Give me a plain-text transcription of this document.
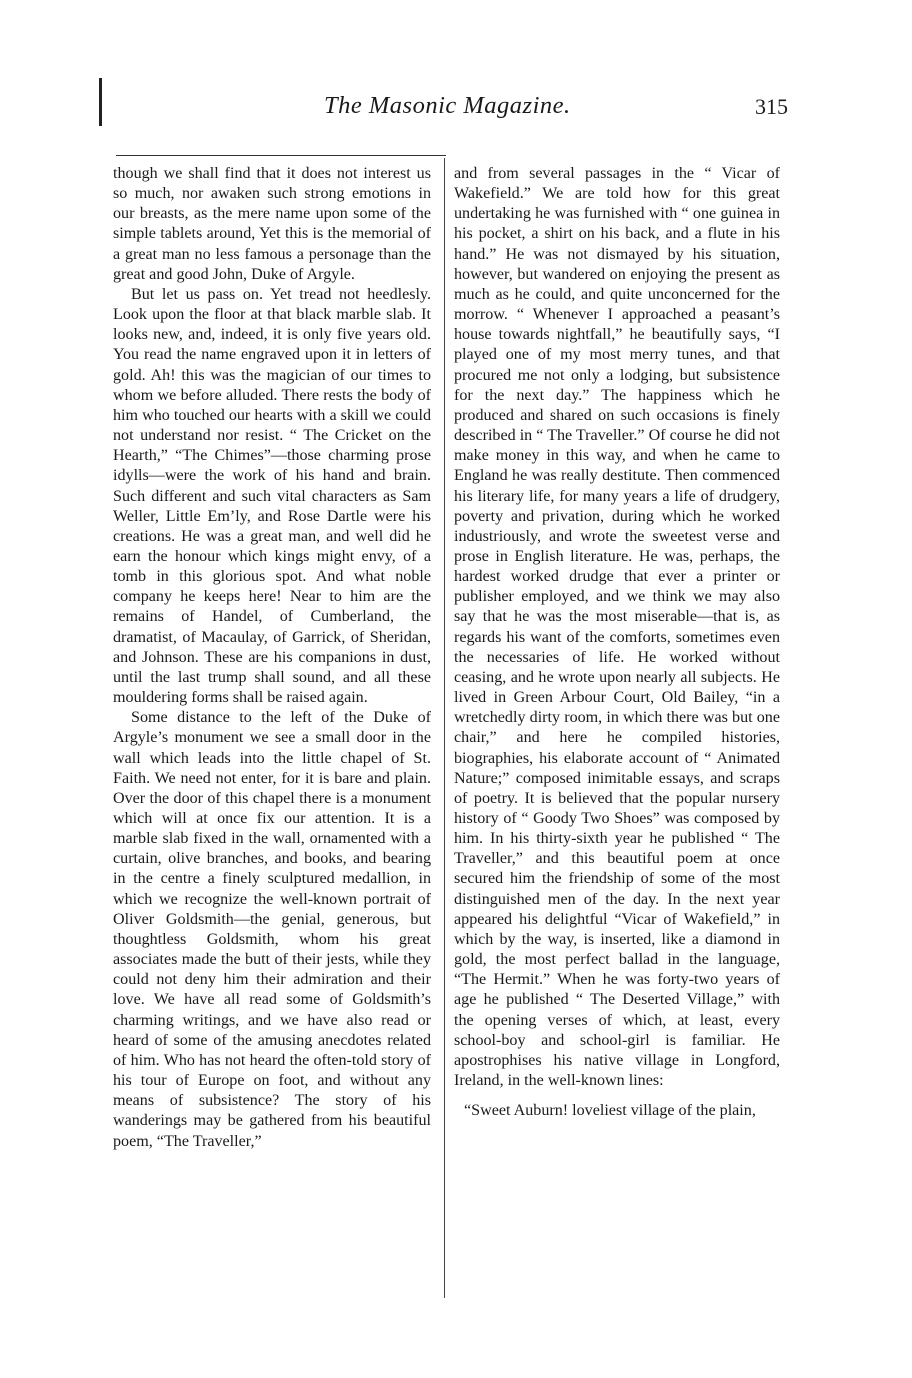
The Masonic Magazine.	315

though we shall find that it does not interest us so much, nor awaken such strong emotions in our breasts, as the mere name upon some of the simple tablets around, Yet this is the memorial of a great man no less famous a personage than the great and good John, Duke of Argyle.

But let us pass on. Yet tread not heedlesly. Look upon the floor at that black marble slab. It looks new, and, indeed, it is only five years old. You read the name engraved upon it in letters of gold. Ah! this was the magician of our times to whom we before alluded. There rests the body of him who touched our hearts with a skill we could not understand nor resist. “ The Cricket on the Hearth,” “The Chimes”—those charming prose idylls—were the work of his hand and brain. Such different and such vital characters as Sam Weller, Little Em’ly, and Rose Dartle were his creations. He was a great man, and well did he earn the honour which kings might envy, of a tomb in this glorious spot. And what noble company he keeps here! Near to him are the remains of Handel, of Cumberland, the dramatist, of Macaulay, of Garrick, of Sheridan, and Johnson. These are his companions in dust, until the last trump shall sound, and all these mouldering forms shall be raised again.

Some distance to the left of the Duke of Argyle’s monument we see a small door in the wall which leads into the little chapel of St. Faith. We need not enter, for it is bare and plain. Over the door of this chapel there is a monument which will at once fix our attention. It is a marble slab fixed in the wall, ornamented with a curtain, olive branches, and books, and bearing in the centre a finely sculptured medallion, in which we recognize the well-known portrait of Oliver Goldsmith—the genial, generous, but thoughtless Goldsmith, whom his great associates made the butt of their jests, while they could not deny him their admiration and their love. We have all read some of Goldsmith’s charming writings, and we have also read or heard of some of the amusing anecdotes related of him. Who has not heard the often-told story of his tour of Europe on foot, and without any means of subsistence? The story of his wanderings may be gathered from his beautiful poem, “The Traveller,”

and from several passages in the “ Vicar of Wakefield.” We are told how for this great undertaking he was furnished with “ one guinea in his pocket, a shirt on his back, and a flute in his hand.” He was not dismayed by his situation, however, but wandered on enjoying the present as much as he could, and quite unconcerned for the morrow. “ Whenever I approached a peasant’s house towards nightfall,” he beautifully says, “I played one of my most merry tunes, and that procured me not only a lodging, but subsistence for the next day.” The happiness which he produced and shared on such occasions is finely described in “ The Traveller.” Of course he did not make money in this way, and when he came to England he was really destitute. Then commenced his literary life, for many years a life of drudgery, poverty and privation, during which he worked industriously, and wrote the sweetest verse and prose in English literature. He was, perhaps, the hardest worked drudge that ever a printer or publisher employed, and we think we may also say that he was the most miserable—that is, as regards his want of the comforts, sometimes even the necessaries of life. He worked without ceasing, and he wrote upon nearly all subjects. He lived in Green Arbour Court, Old Bailey, “in a wretchedly dirty room, in which there was but one chair,” and here he compiled histories, biographies, his elaborate account of “ Animated Nature;” composed inimitable essays, and scraps of poetry. It is believed that the popular nursery history of “ Goody Two Shoes” was composed by him. In his thirty-sixth year he published “ The Traveller,” and this beautiful poem at once secured him the friendship of some of the most distinguished men of the day. In the next year appeared his delightful “Vicar of Wakefield,” in which by the way, is inserted, like a diamond in gold, the most perfect ballad in the language, “The Hermit.” When he was forty-two years of age he published “ The Deserted Village,” with the opening verses of which, at least, every school-boy and school-girl is familiar. He apostrophises his native village in Longford, Ireland, in the well-known lines:

“Sweet Auburn! loveliest village of the plain,
